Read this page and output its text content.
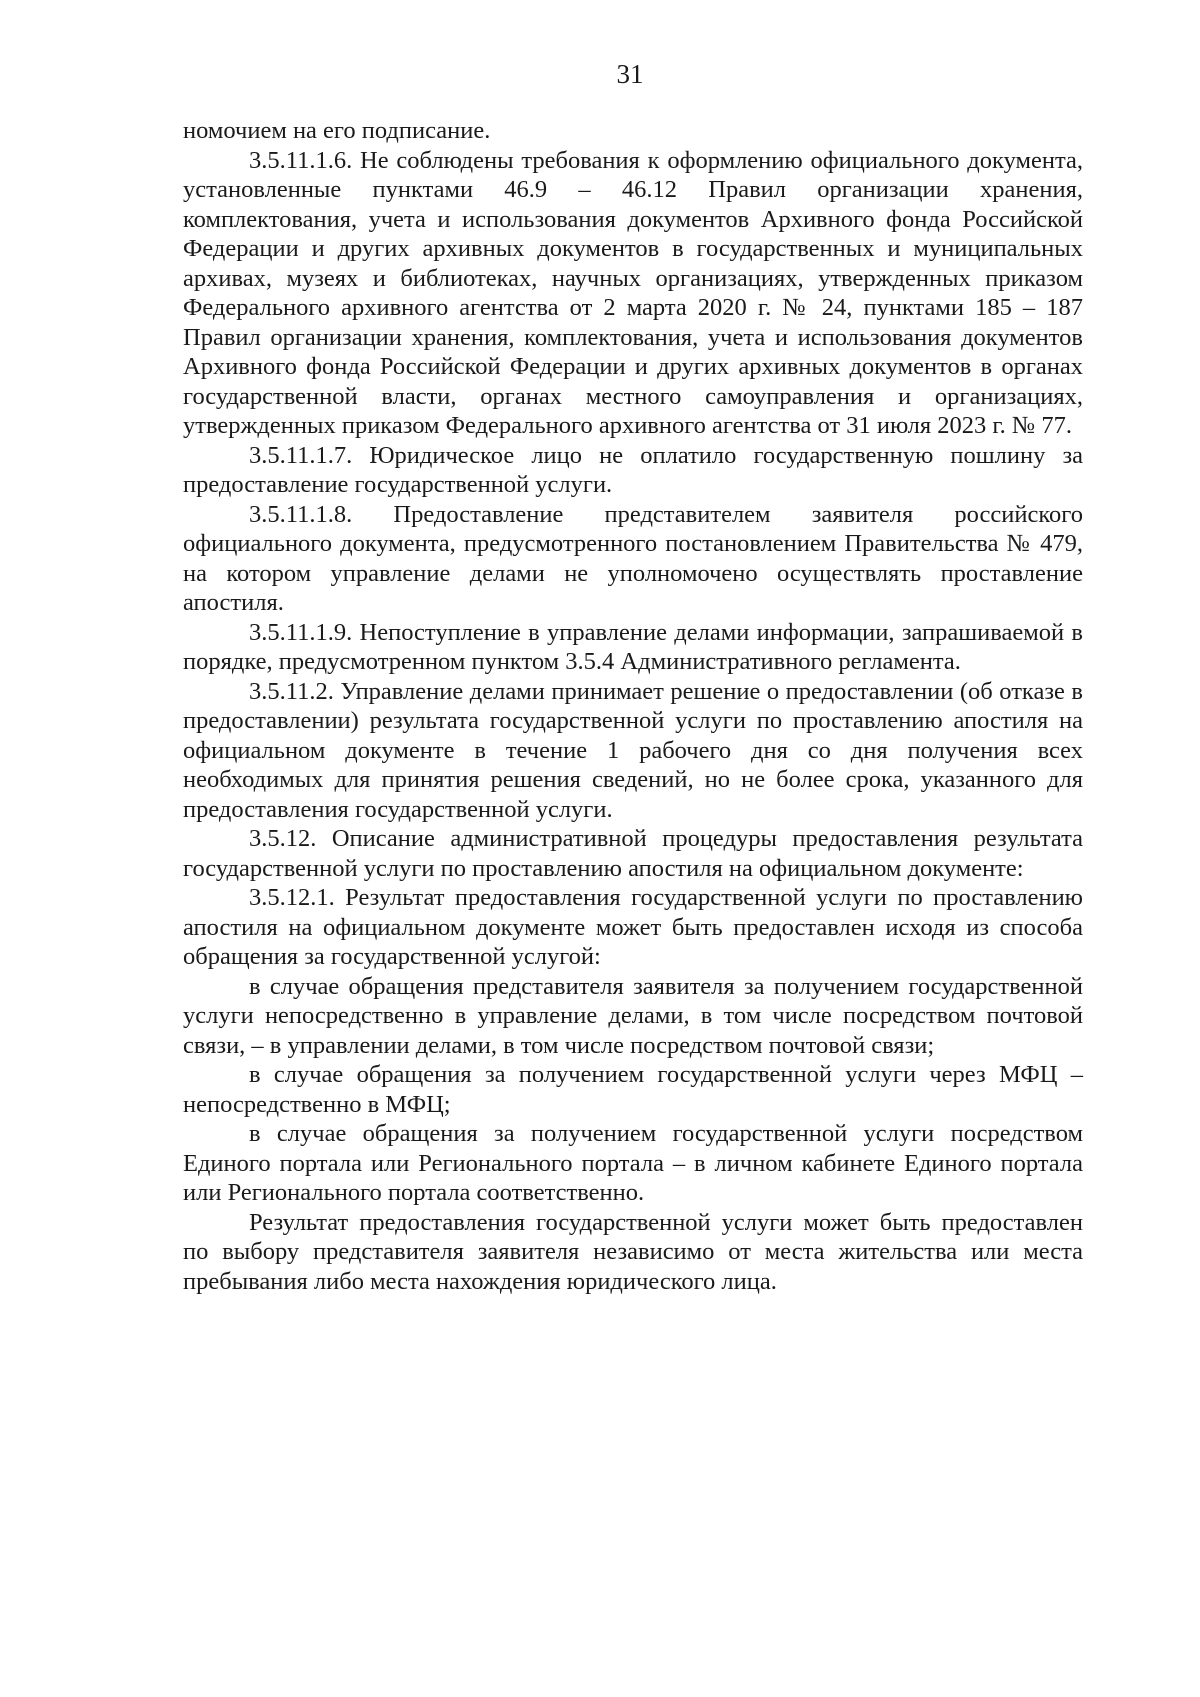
31

номочием на его подписание.

3.5.11.1.6. Не соблюдены требования к оформлению официального документа, установленные пунктами 46.9 – 46.12 Правил организации хранения, комплектования, учета и использования документов Архивного фонда Российской Федерации и других архивных документов в государственных и муниципальных архивах, музеях и библиотеках, научных организациях, утвержденных приказом Федерального архивного агентства от 2 марта 2020 г. № 24, пунктами 185 – 187 Правил организации хранения, комплектования, учета и использования документов Архивного фонда Российской Федерации и других архивных документов в органах государственной власти, органах местного самоуправления и организациях, утвержденных приказом Федерального архивного агентства от 31 июля 2023 г. № 77.

3.5.11.1.7. Юридическое лицо не оплатило государственную пошлину за предоставление государственной услуги.

3.5.11.1.8. Предоставление представителем заявителя российского официального документа, предусмотренного постановлением Правительства № 479, на котором управление делами не уполномочено осуществлять проставление апостиля.

3.5.11.1.9. Непоступление в управление делами информации, запрашиваемой в порядке, предусмотренном пунктом 3.5.4 Административного регламента.

3.5.11.2. Управление делами принимает решение о предоставлении (об отказе в предоставлении) результата государственной услуги по проставлению апостиля на официальном документе в течение 1 рабочего дня со дня получения всех необходимых для принятия решения сведений, но не более срока, указанного для предоставления государственной услуги.

3.5.12. Описание административной процедуры предоставления результата государственной услуги по проставлению апостиля на официальном документе:

3.5.12.1. Результат предоставления государственной услуги по проставлению апостиля на официальном документе может быть предоставлен исходя из способа обращения за государственной услугой:

в случае обращения представителя заявителя за получением государственной услуги непосредственно в управление делами, в том числе посредством почтовой связи, – в управлении делами, в том числе посредством почтовой связи;

в случае обращения за получением государственной услуги через МФЦ – непосредственно в МФЦ;

в случае обращения за получением государственной услуги посредством Единого портала или Регионального портала – в личном кабинете Единого портала или Регионального портала соответственно.

Результат предоставления государственной услуги может быть предоставлен по выбору представителя заявителя независимо от места жительства или места пребывания либо места нахождения юридического лица.
